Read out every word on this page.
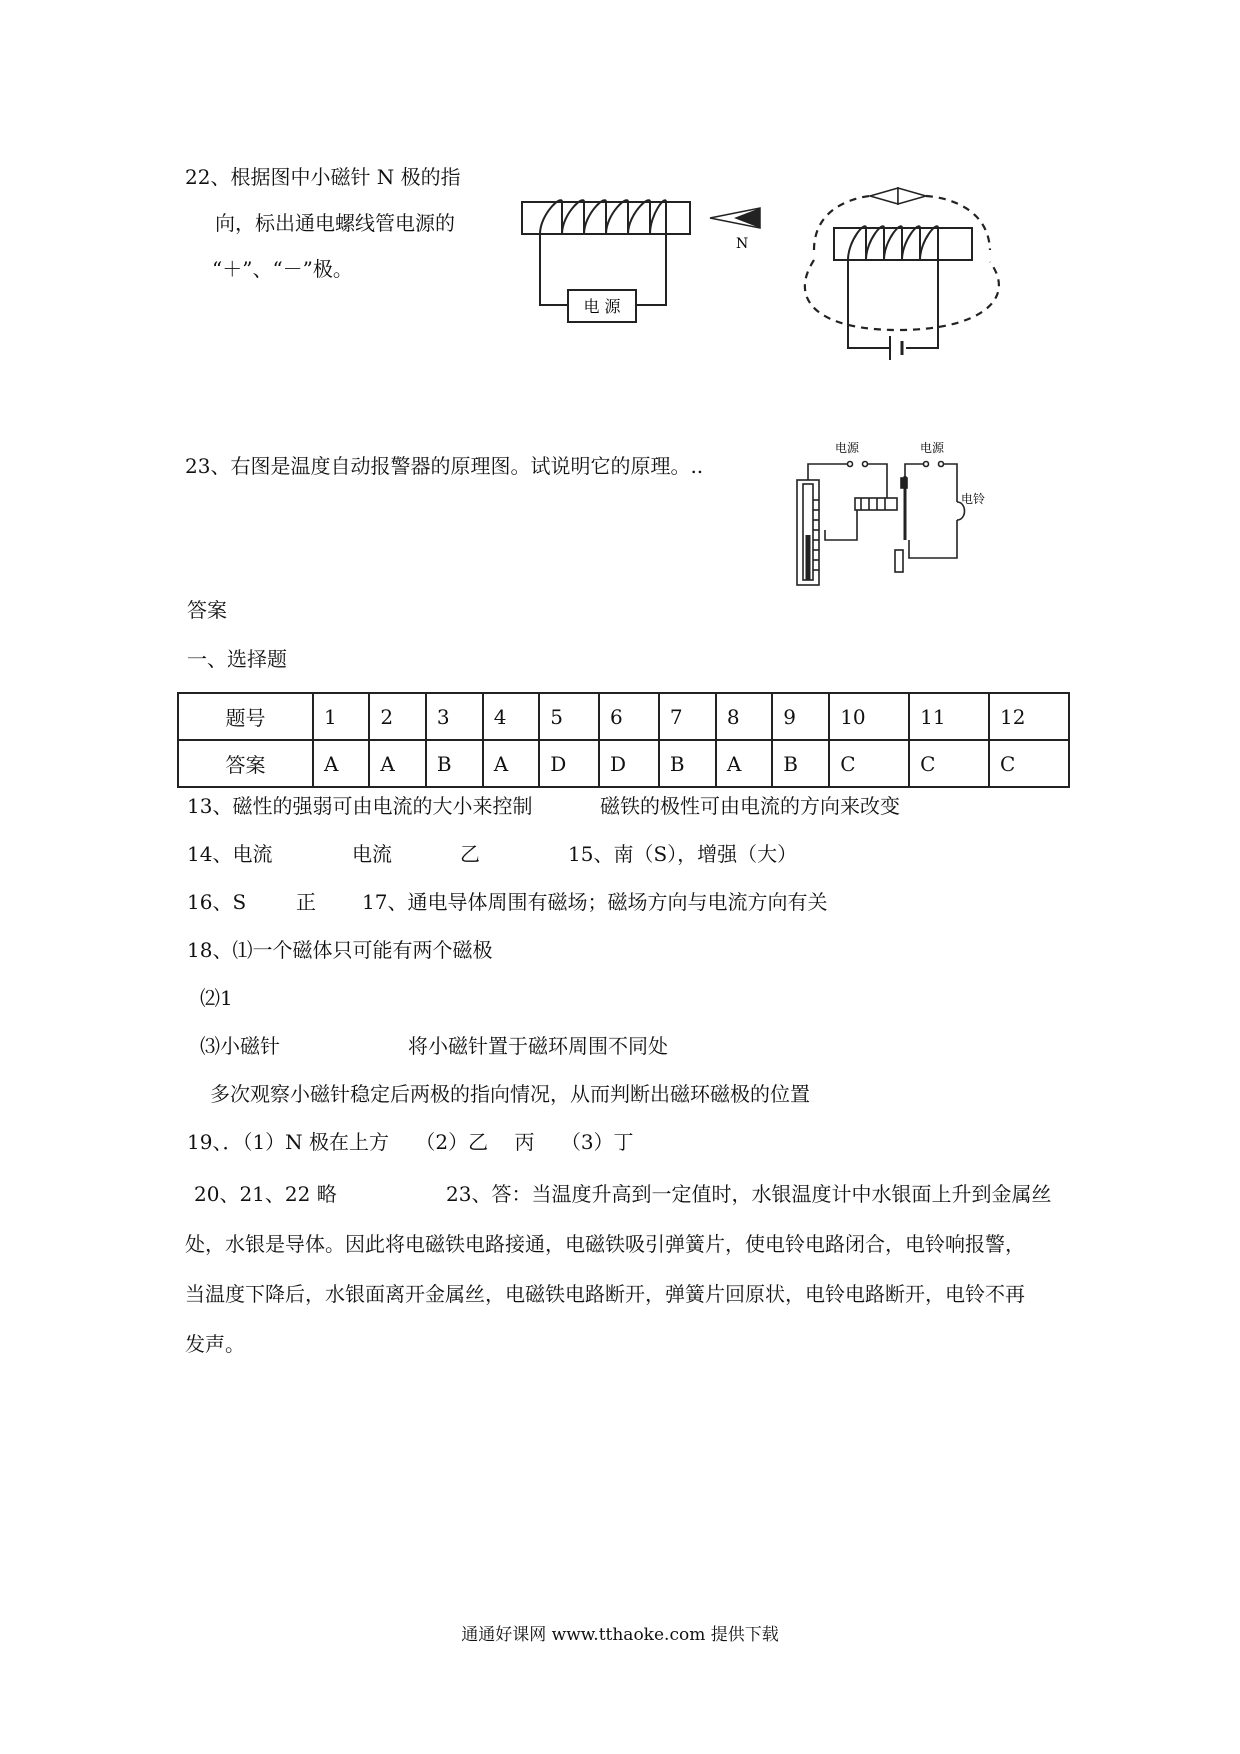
22、根据图中小磁针 N 极的指
向，标出通电螺线管电源的
“＋”、“－”极。
电 源
N
23、右图是温度自动报警器的原理图。试说明它的原理。..
电源	电源
电铃
答案
一、选择题
题号	1	2	3	4	5	6	7	8	9	10	11	12
答案	A	A	B	A	D	D	B	A	B	C	C	C
13、磁性的强弱可由电流的大小来控制	磁铁的极性可由电流的方向来改变
14、电流	电流	乙	15、南（S），增强（大）
16、S 正 17、通电导体周围有磁场；磁场方向与电流方向有关
18、⑴一个磁体只可能有两个磁极
⑵1
⑶小磁针	将小磁针置于磁环周围不同处
多次观察小磁针稳定后两极的指向情况，从而判断出磁环磁极的位置
19、．（1）N 极在上方　 （2）乙　 丙　 （3）丁
20、21、22 略	23、答：当温度升高到一定值时，水银温度计中水银面上升到金属丝
处，水银是导体。因此将电磁铁电路接通，电磁铁吸引弹簧片，使电铃电路闭合，电铃响报警，
当温度下降后，水银面离开金属丝，电磁铁电路断开，弹簧片回原状，电铃电路断开，电铃不再
发声。
通通好课网 www.tthaoke.com 提供下载
